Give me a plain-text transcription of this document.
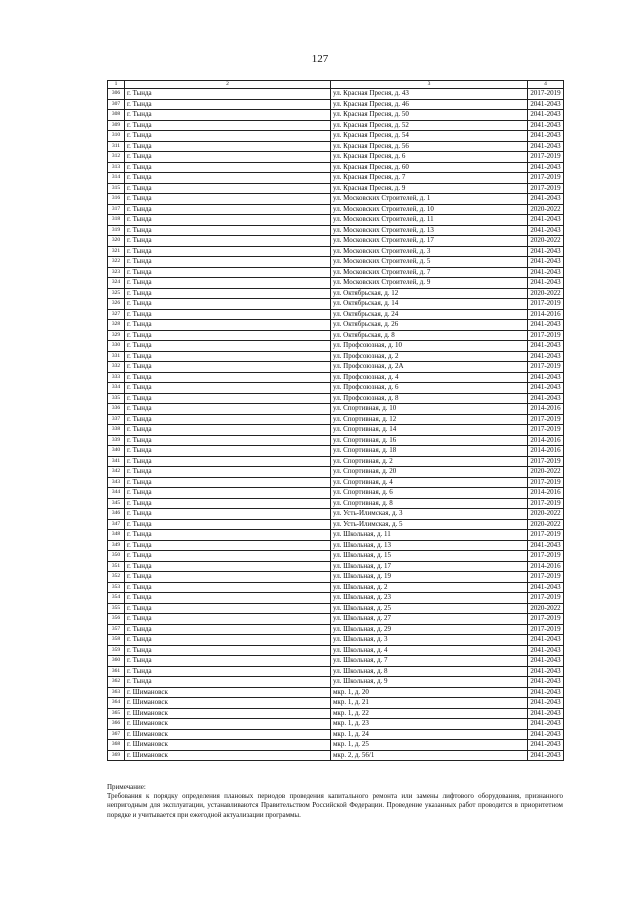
127
1	2	3	4
306	г. Тында	ул. Красная Пресня, д. 43	2017-2019
307	г. Тында	ул. Красная Пресня, д. 46	2041-2043
308	г. Тында	ул. Красная Пресня, д. 50	2041-2043
309	г. Тында	ул. Красная Пресня, д. 52	2041-2043
310	г. Тында	ул. Красная Пресня, д. 54	2041-2043
311	г. Тында	ул. Красная Пресня, д. 56	2041-2043
312	г. Тында	ул. Красная Пресня, д. 6	2017-2019
313	г. Тында	ул. Красная Пресня, д. 60	2041-2043
314	г. Тында	ул. Красная Пресня, д. 7	2017-2019
315	г. Тында	ул. Красная Пресня, д. 9	2017-2019
316	г. Тында	ул. Московских Строителей, д. 1	2041-2043
317	г. Тында	ул. Московских Строителей, д. 10	2020-2022
318	г. Тында	ул. Московских Строителей, д. 11	2041-2043
319	г. Тында	ул. Московских Строителей, д. 13	2041-2043
320	г. Тында	ул. Московских Строителей, д. 17	2020-2022
321	г. Тында	ул. Московских Строителей, д. 3	2041-2043
322	г. Тында	ул. Московских Строителей, д. 5	2041-2043
323	г. Тында	ул. Московских Строителей, д. 7	2041-2043
324	г. Тында	ул. Московских Строителей, д. 9	2041-2043
325	г. Тында	ул. Октябрьская, д. 12	2020-2022
326	г. Тында	ул. Октябрьская, д. 14	2017-2019
327	г. Тында	ул. Октябрьская, д. 24	2014-2016
328	г. Тында	ул. Октябрьская, д. 26	2041-2043
329	г. Тында	ул. Октябрьская, д. 8	2017-2019
330	г. Тында	ул. Профсоюзная, д. 10	2041-2043
331	г. Тында	ул. Профсоюзная, д. 2	2041-2043
332	г. Тында	ул. Профсоюзная, д. 2А	2017-2019
333	г. Тында	ул. Профсоюзная, д. 4	2041-2043
334	г. Тында	ул. Профсоюзная, д. 6	2041-2043
335	г. Тында	ул. Профсоюзная, д. 8	2041-2043
336	г. Тында	ул. Спортивная, д. 10	2014-2016
337	г. Тында	ул. Спортивная, д. 12	2017-2019
338	г. Тында	ул. Спортивная, д. 14	2017-2019
339	г. Тында	ул. Спортивная, д. 16	2014-2016
340	г. Тында	ул. Спортивная, д. 18	2014-2016
341	г. Тында	ул. Спортивная, д. 2	2017-2019
342	г. Тында	ул. Спортивная, д. 20	2020-2022
343	г. Тында	ул. Спортивная, д. 4	2017-2019
344	г. Тында	ул. Спортивная, д. 6	2014-2016
345	г. Тында	ул. Спортивная, д. 8	2017-2019
346	г. Тында	ул. Усть-Илимская, д. 3	2020-2022
347	г. Тында	ул. Усть-Илимская, д. 5	2020-2022
348	г. Тында	ул. Школьная, д. 11	2017-2019
349	г. Тында	ул. Школьная, д. 13	2041-2043
350	г. Тында	ул. Школьная, д. 15	2017-2019
351	г. Тында	ул. Школьная, д. 17	2014-2016
352	г. Тында	ул. Школьная, д. 19	2017-2019
353	г. Тында	ул. Школьная, д. 2	2041-2043
354	г. Тында	ул. Школьная, д. 23	2017-2019
355	г. Тында	ул. Школьная, д. 25	2020-2022
356	г. Тында	ул. Школьная, д. 27	2017-2019
357	г. Тында	ул. Школьная, д. 29	2017-2019
358	г. Тында	ул. Школьная, д. 3	2041-2043
359	г. Тында	ул. Школьная, д. 4	2041-2043
360	г. Тында	ул. Школьная, д. 7	2041-2043
361	г. Тында	ул. Школьная, д. 8	2041-2043
362	г. Тында	ул. Школьная, д. 9	2041-2043
363	г. Шимановск	мкр. 1, д. 20	2041-2043
364	г. Шимановск	мкр. 1, д. 21	2041-2043
365	г. Шимановск	мкр. 1, д. 22	2041-2043
366	г. Шимановск	мкр. 1, д. 23	2041-2043
367	г. Шимановск	мкр. 1, д. 24	2041-2043
368	г. Шимановск	мкр. 1, д. 25	2041-2043
369	г. Шимановск	мкр. 2, д. 56/1	2041-2043

Примечание:

Требования к порядку определения плановых периодов проведения капитального ремонта или замены лифтового оборудования, признанного непригодным для эксплуатации, устанавливаются Правительством Российской Федерации. Проведение указанных работ проводится в приоритетном порядке и учитывается при ежегодной актуализации программы.
